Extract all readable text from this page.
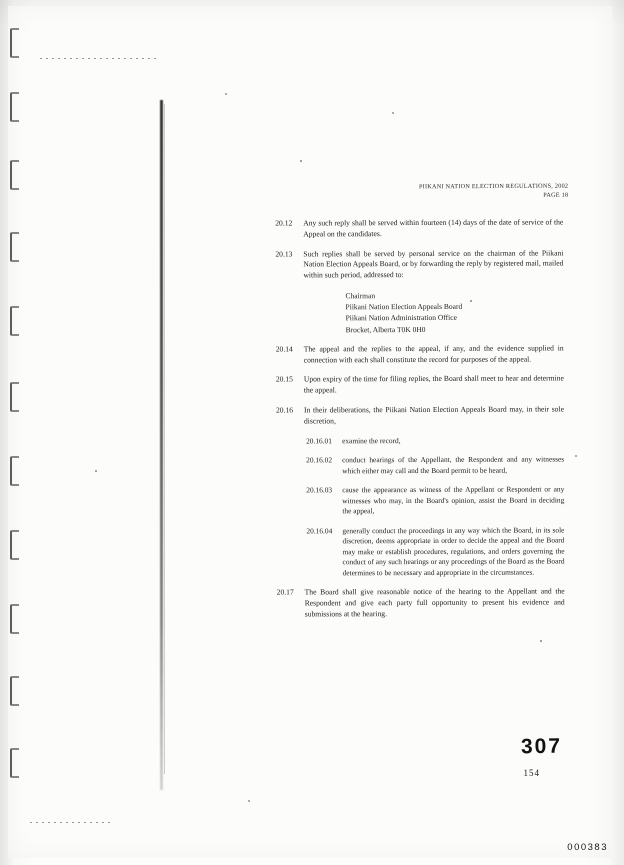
PIIKANI NATION ELECTION REGULATIONS, 2002
PAGE 18
20.12	Any such reply shall be served within fourteen (14) days of the date of service of the Appeal on the candidates.
20.13	Such replies shall be served by personal service on the chairman of the Piikani Nation Election Appeals Board, or by forwarding the reply by registered mail, mailed within such period, addressed to:
Chairman
Piikani Nation Election Appeals Board
Piikani Nation Administration Office
Brocket, Alberta T0K 0H0
20.14	The appeal and the replies to the appeal, if any, and the evidence supplied in connection with each shall constitute the record for purposes of the appeal.
20.15	Upon expiry of the time for filing replies, the Board shall meet to hear and determine the appeal.
20.16	In their deliberations, the Piikani Nation Election Appeals Board may, in their sole discretion,
20.16.01	examine the record,
20.16.02	conduct hearings of the Appellant, the Respondent and any witnesses which either may call and the Board permit to be heard,
20.16.03	cause the appearance as witness of the Appellant or Respondent or any witnesses who may, in the Board's opinion, assist the Board in deciding the appeal,
20.16.04	generally conduct the proceedings in any way which the Board, in its sole discretion, deems appropriate in order to decide the appeal and the Board may make or establish procedures, regulations, and orders governing the conduct of any such hearings or any proceedings of the Board as the Board determines to be necessary and appropriate in the circumstances.
20.17	The Board shall give reasonable notice of the hearing to the Appellant and the Respondent and give each party full opportunity to present his evidence and submissions at the hearing.
307
154
000383
